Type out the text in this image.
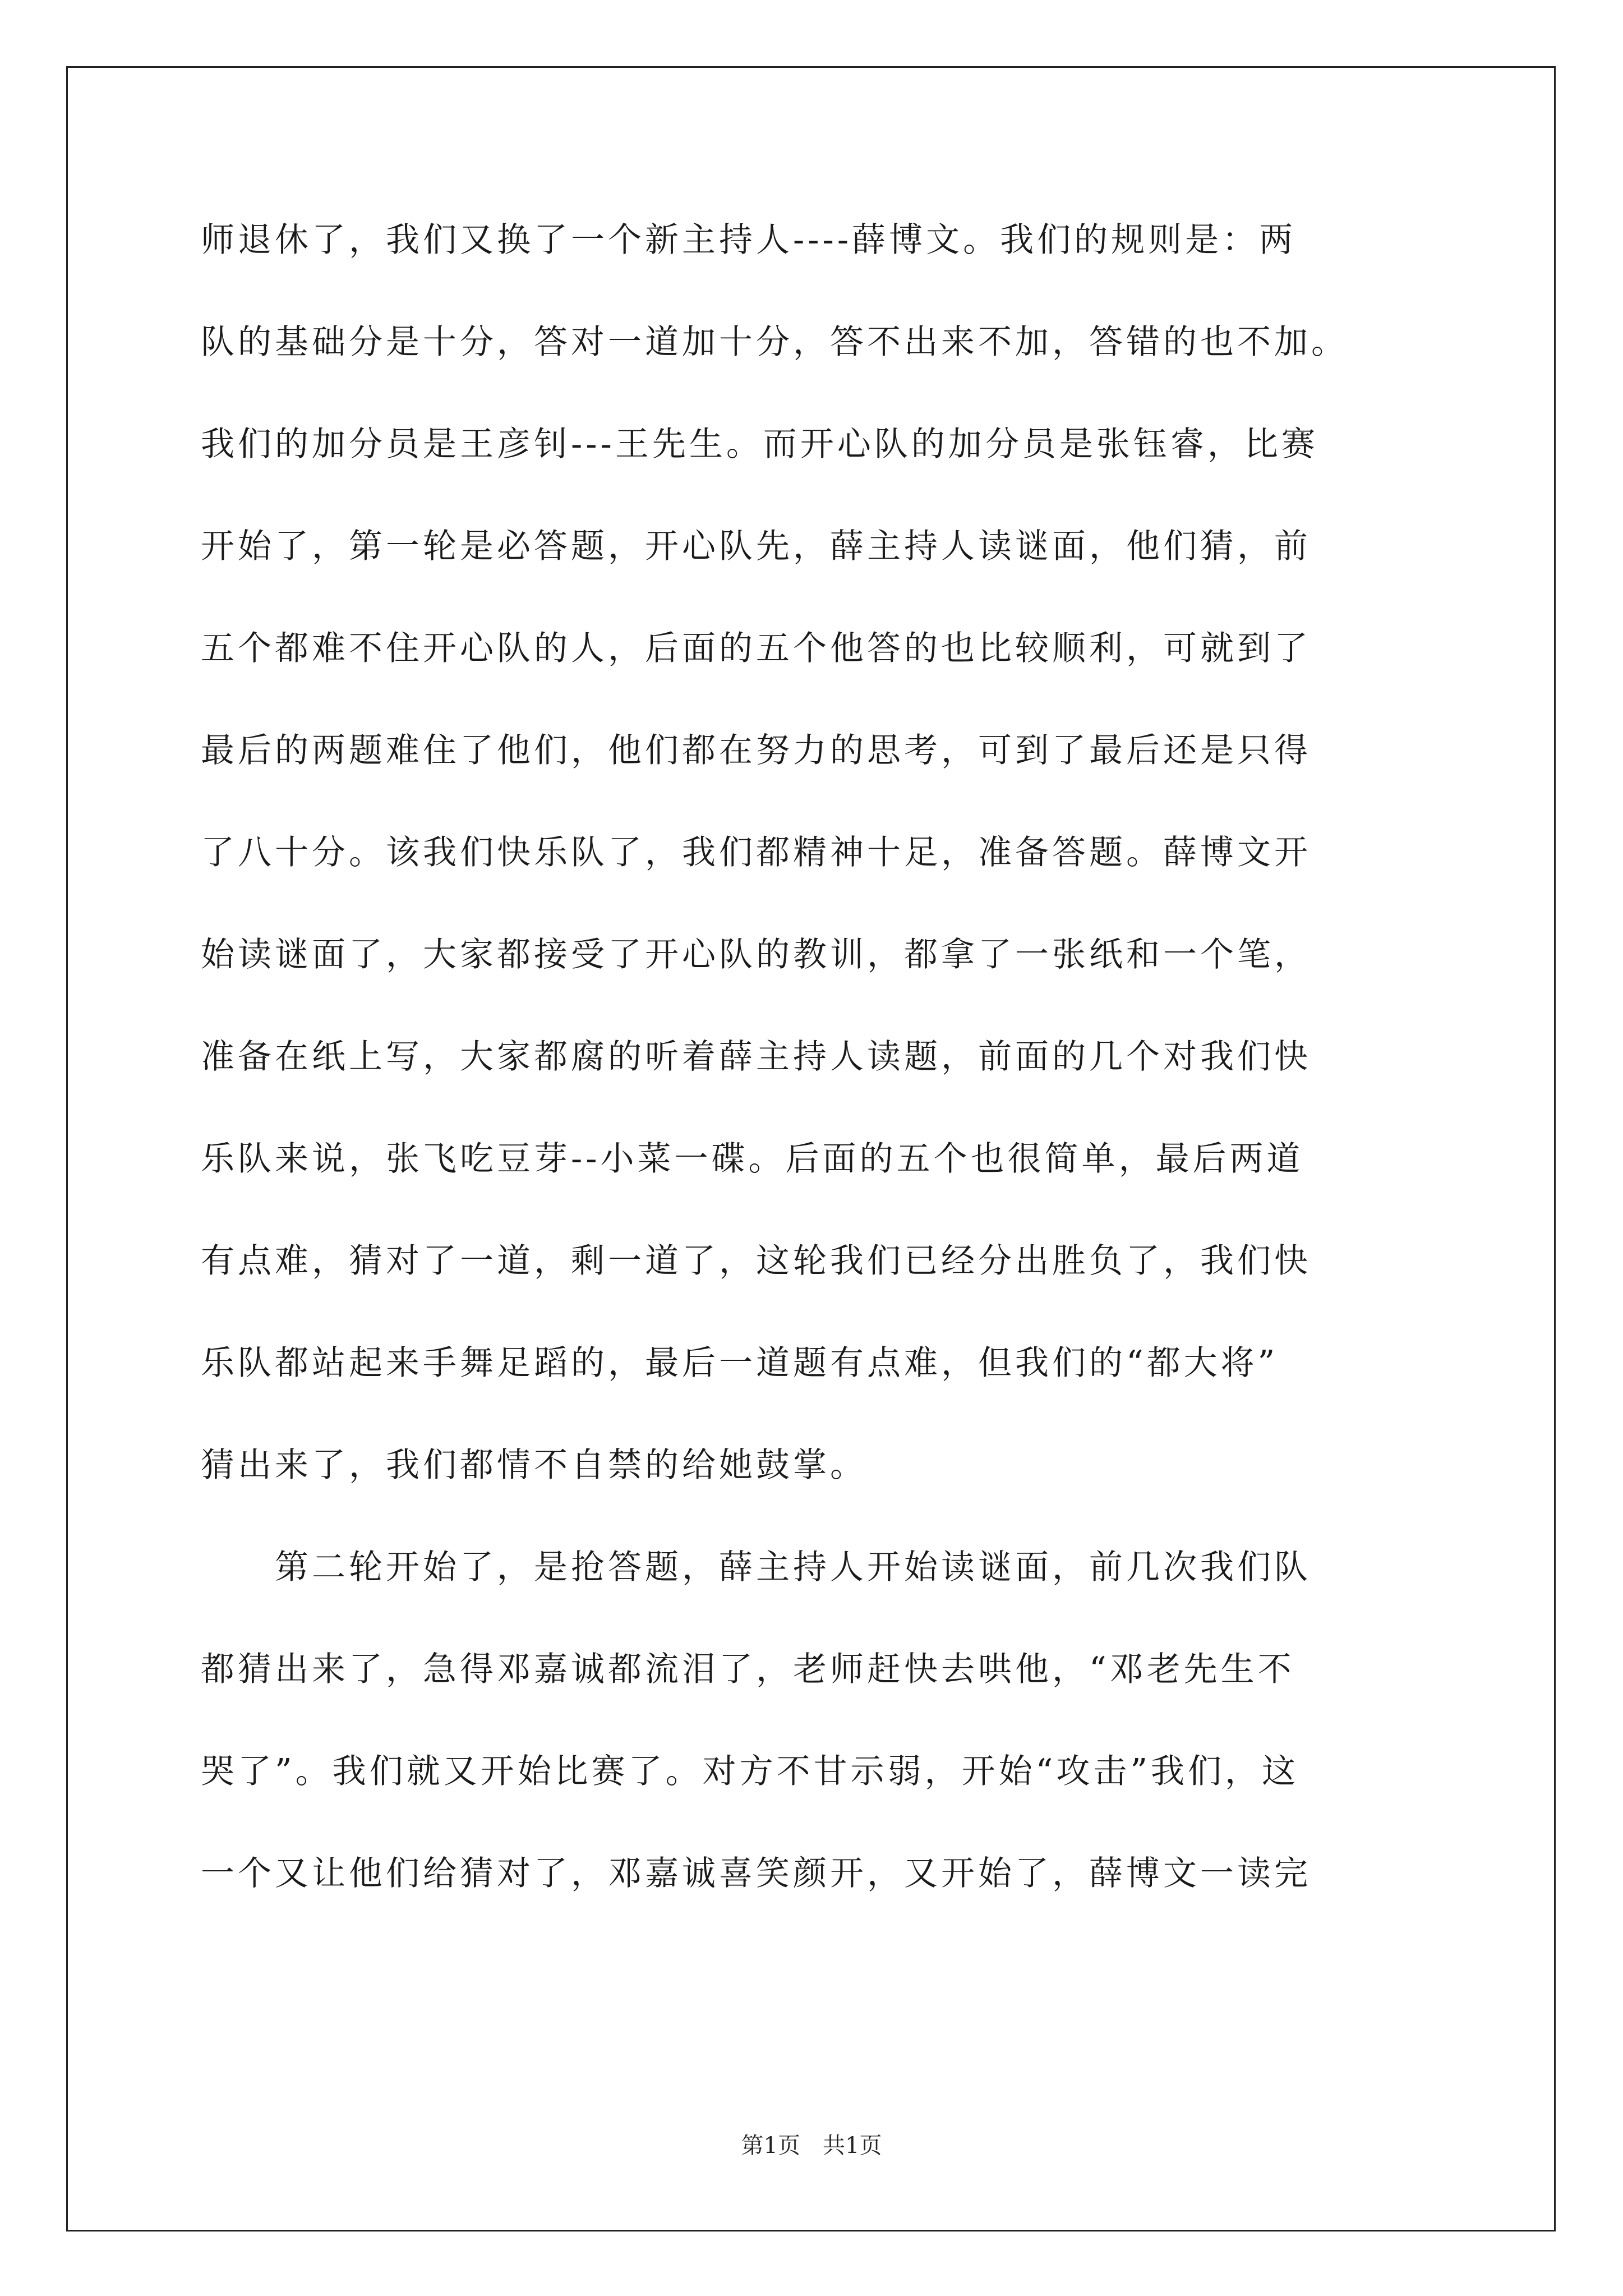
师退休了，我们又换了一个新主持人----薛博文。我们的规则是：两
队的基础分是十分，答对一道加十分，答不出来不加，答错的也不加。
我们的加分员是王彦钊---王先生。而开心队的加分员是张钰睿，比赛
开始了，第一轮是必答题，开心队先，薛主持人读谜面，他们猜，前
五个都难不住开心队的人，后面的五个他答的也比较顺利，可就到了
最后的两题难住了他们，他们都在努力的思考，可到了最后还是只得
了八十分。该我们快乐队了，我们都精神十足，准备答题。薛博文开
始读谜面了，大家都接受了开心队的教训，都拿了一张纸和一个笔，
准备在纸上写，大家都腐的听着薛主持人读题，前面的几个对我们快
乐队来说，张飞吃豆芽--小菜一碟。后面的五个也很简单，最后两道
有点难，猜对了一道，剩一道了，这轮我们已经分出胜负了，我们快
乐队都站起来手舞足蹈的，最后一道题有点难，但我们的“都大将”
猜出来了，我们都情不自禁的给她鼓掌。
　　第二轮开始了，是抢答题，薛主持人开始读谜面，前几次我们队
都猜出来了，急得邓嘉诚都流泪了，老师赶快去哄他，“邓老先生不
哭了”。我们就又开始比赛了。对方不甘示弱，开始“攻击”我们，这
一个又让他们给猜对了，邓嘉诚喜笑颜开，又开始了，薛博文一读完
第1页 共1页
